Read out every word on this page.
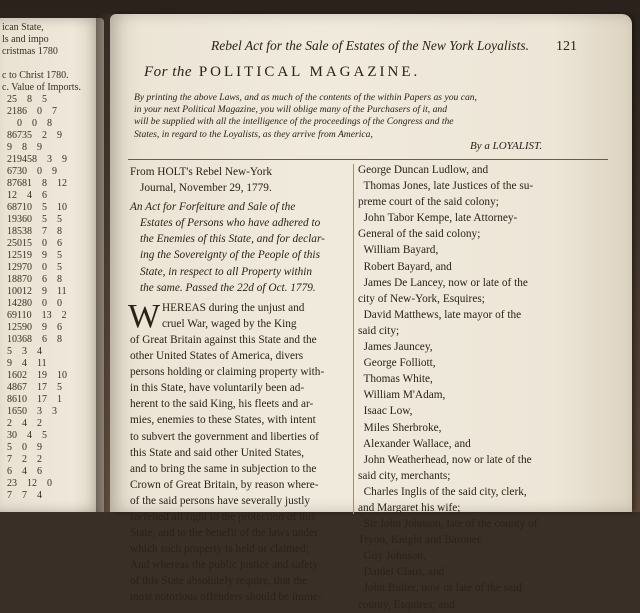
ican State,
ls and impo
cristmas 1780
c to Christ 1780.
c. Value of Imports.
25    8    5
2186    0    7
0    0    8
86735    2    9
9    8    9
219458    3    9
6730    0    9
87681    8    12
12    4    6
68710    5    10
19360    5    5
18538    7    8
25015    0    6
12519    9    5
12970    0    5
18870    6    8
10012    9    11
14280    0    0
69110    13    2
12590    9    6
10368    6    8
5    3    4
9    4    11
1602    19    10
4867    17    5
8610    17    1
1650    3    3
2    4    2
30    4    5
5    0    9
7    2    2
6    4    6
23    12    0
7    7    4
Rebel Act for the Sale of Estates of the New York Loyalists.	121
For the POLITICAL MAGAZINE.
By printing the above Laws, and as much of the contents of the within Papers as you can,
in your next Political Magazine, you will oblige many of the Purchasers of it, and
will be supplied with all the intelligence of the proceedings of the Congress and the
States, in regard to the Loyalists, as they arrive from America,
By a LOYALIST.
From HOLT's Rebel New-York
Journal, November 29, 1779.
An Act for Forfeiture and Sale of the
Estates of Persons who have adhered to
the Enemies of this State, and for declar-
ing the Sovereignty of the People of this
State, in respect to all Property within
the same. Passed the 22d of Oct. 1779.
W HEREAS during the unjust and
cruel War, waged by the King
of Great Britain against this State and the
other United States of America, divers
persons holding or claiming property with-
in this State, have voluntarily been ad-
herent to the said King, his fleets and ar-
mies, enemies to these States, with intent
to subvert the government and liberties of
this State and said other United States,
and to bring the same in subjection to the
Crown of Great Britain, by reason where-
of the said persons have severally justly
forfeited all right to the protection of this
State, and to the benefit of the laws under
which such property is held or claimed;
And whereas the public justice and safety
of this State absolutely require, that the
most notorious offenders should be imme-
George Duncan Ludlow, and
Thomas Jones, late Justices of the su-
preme court of the said colony;
John Tabor Kempe, late Attorney-
General of the said colony;
William Bayard,
Robert Bayard, and
James De Lancey, now or late of the
city of New-York, Esquires;
David Matthews, late mayor of the
said city;
James Jauncey,
George Folliott,
Thomas White,
William M'Adam,
Isaac Low,
Miles Sherbroke,
Alexander Wallace, and
John Weatherhead, now or late of the
said city, merchants;
Charles Inglis of the said city, clerk,
and Margaret his wife;
Sir John Johnson, late of the county of
Tryon, Knight and Baronet;
Guy Johnson,
Daniel Claus, and
John Butler, now or late of the said
county, Esquires; and
